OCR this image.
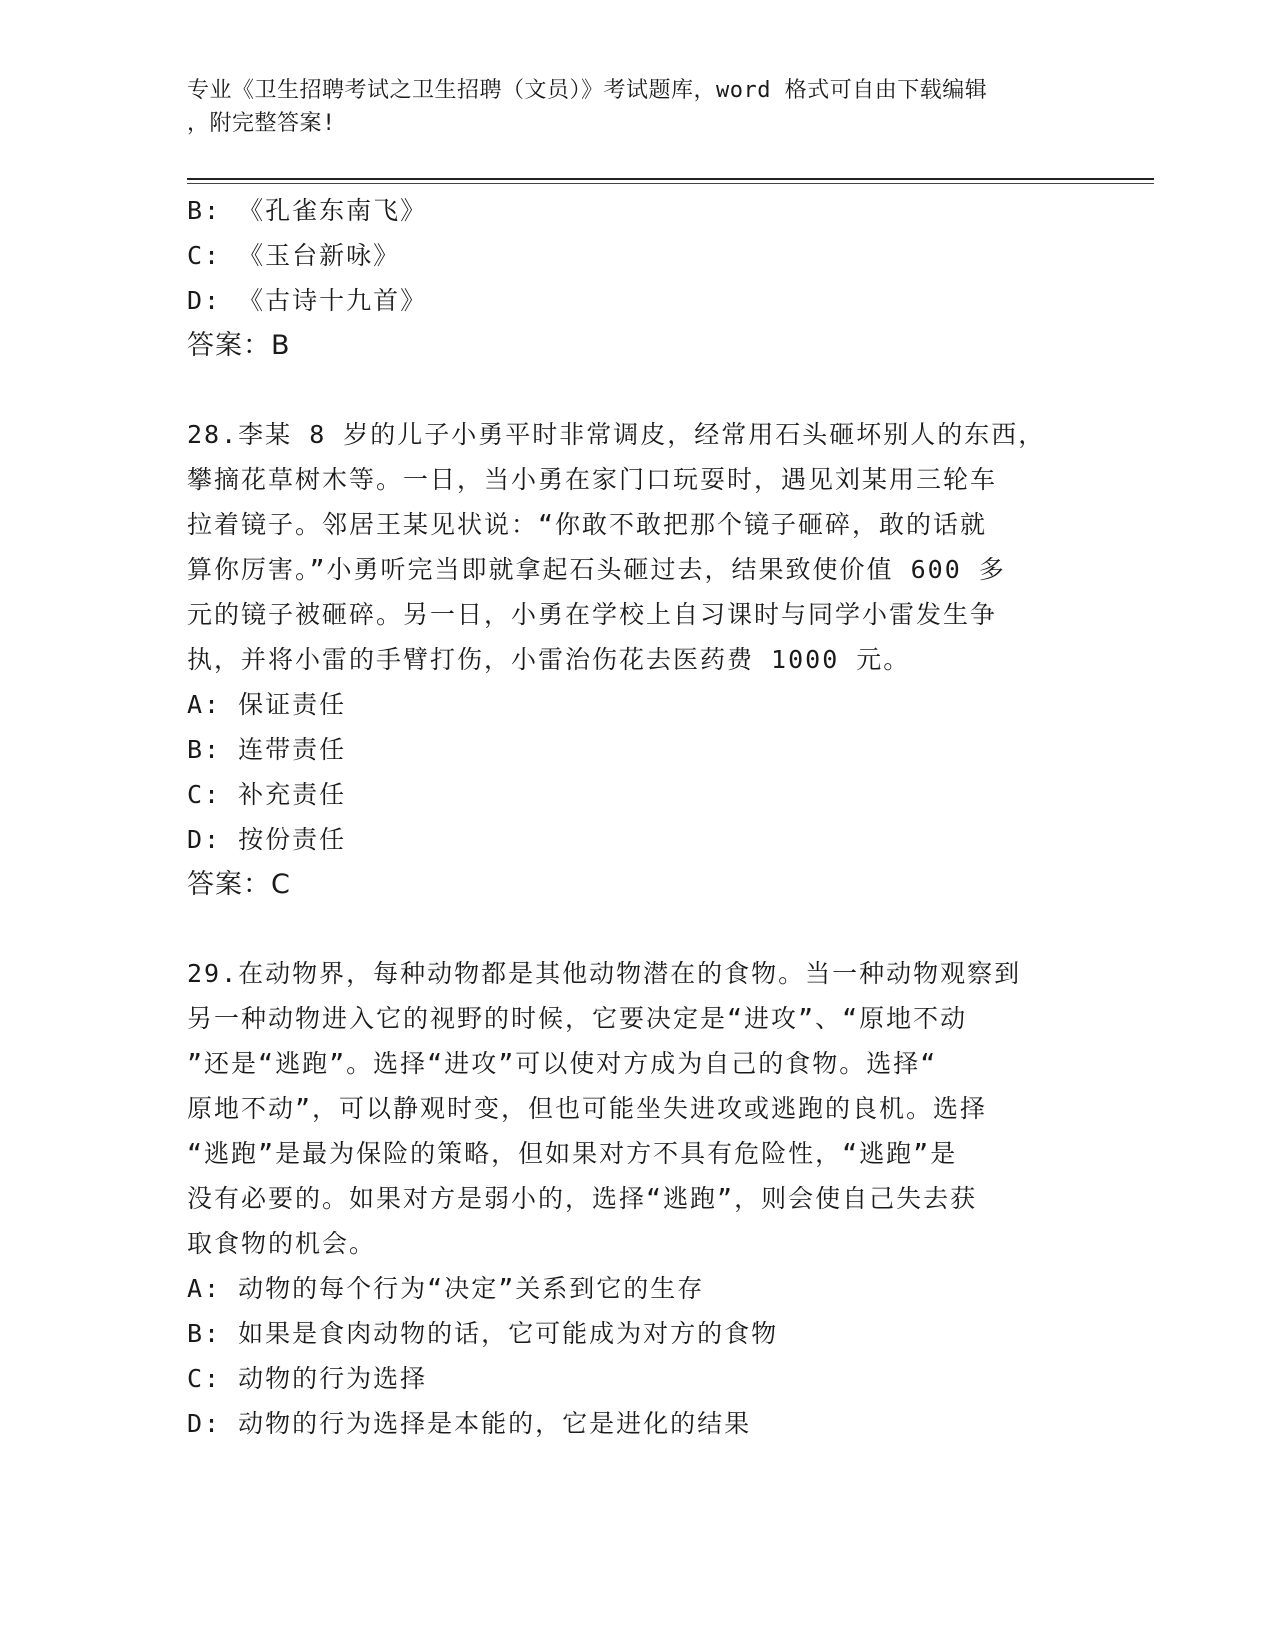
专业《卫生招聘考试之卫生招聘（文员）》考试题库，word 格式可自由下载编辑
，附完整答案!
B: 《孔雀东南飞》
C: 《玉台新咏》
D: 《古诗十九首》
答案：B
28.李某 8 岁的儿子小勇平时非常调皮，经常用石头砸坏别人的东西，
攀摘花草树木等。一日，当小勇在家门口玩耍时，遇见刘某用三轮车
拉着镜子。邻居王某见状说：“你敢不敢把那个镜子砸碎，敢的话就
算你厉害。”小勇听完当即就拿起石头砸过去，结果致使价值 600 多
元的镜子被砸碎。另一日，小勇在学校上自习课时与同学小雷发生争
执，并将小雷的手臂打伤，小雷治伤花去医药费 1000 元。
A: 保证责任
B: 连带责任
C: 补充责任
D: 按份责任
答案：C
29.在动物界，每种动物都是其他动物潜在的食物。当一种动物观察到
另一种动物进入它的视野的时候，它要决定是“进攻”、“原地不动
”还是“逃跑”。选择“进攻”可以使对方成为自己的食物。选择“
原地不动”，可以静观时变，但也可能坐失进攻或逃跑的良机。选择
“逃跑”是最为保险的策略，但如果对方不具有危险性，“逃跑”是
没有必要的。如果对方是弱小的，选择“逃跑”，则会使自己失去获
取食物的机会。
A: 动物的每个行为“决定”关系到它的生存
B: 如果是食肉动物的话，它可能成为对方的食物
C: 动物的行为选择
D: 动物的行为选择是本能的，它是进化的结果
